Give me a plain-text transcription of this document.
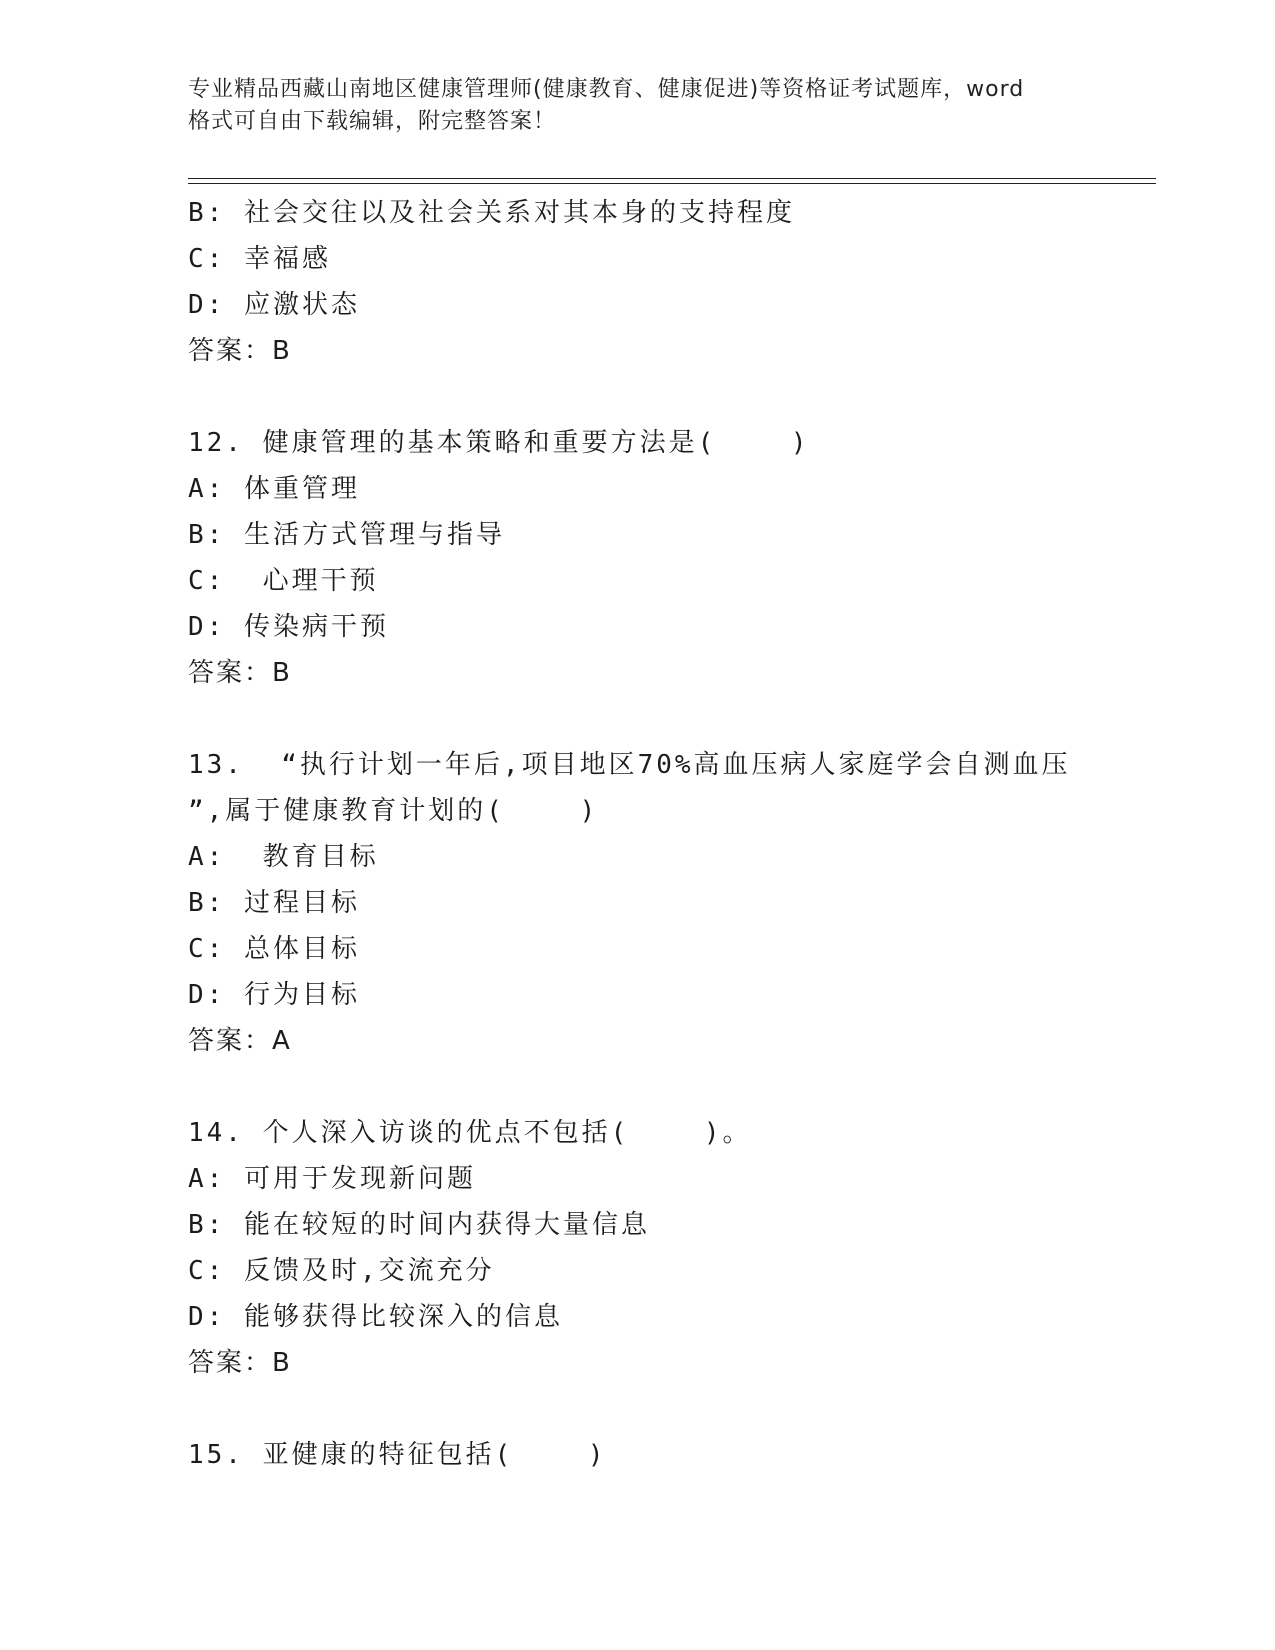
专业精品西藏山南地区健康管理师(健康教育、健康促进)等资格证考试题库，word
格式可自由下载编辑，附完整答案！
B: 社会交往以及社会关系对其本身的支持程度
C: 幸福感
D: 应激状态
答案：B
12. 健康管理的基本策略和重要方法是(    )
A: 体重管理
B: 生活方式管理与指导
C:  心理干预
D: 传染病干预
答案：B
13.  “执行计划一年后,项目地区70%高血压病人家庭学会自测血压
”,属于健康教育计划的(    )
A:  教育目标
B: 过程目标
C: 总体目标
D: 行为目标
答案：A
14. 个人深入访谈的优点不包括(    )。
A: 可用于发现新问题
B: 能在较短的时间内获得大量信息
C: 反馈及时,交流充分
D: 能够获得比较深入的信息
答案：B
15. 亚健康的特征包括(    )
